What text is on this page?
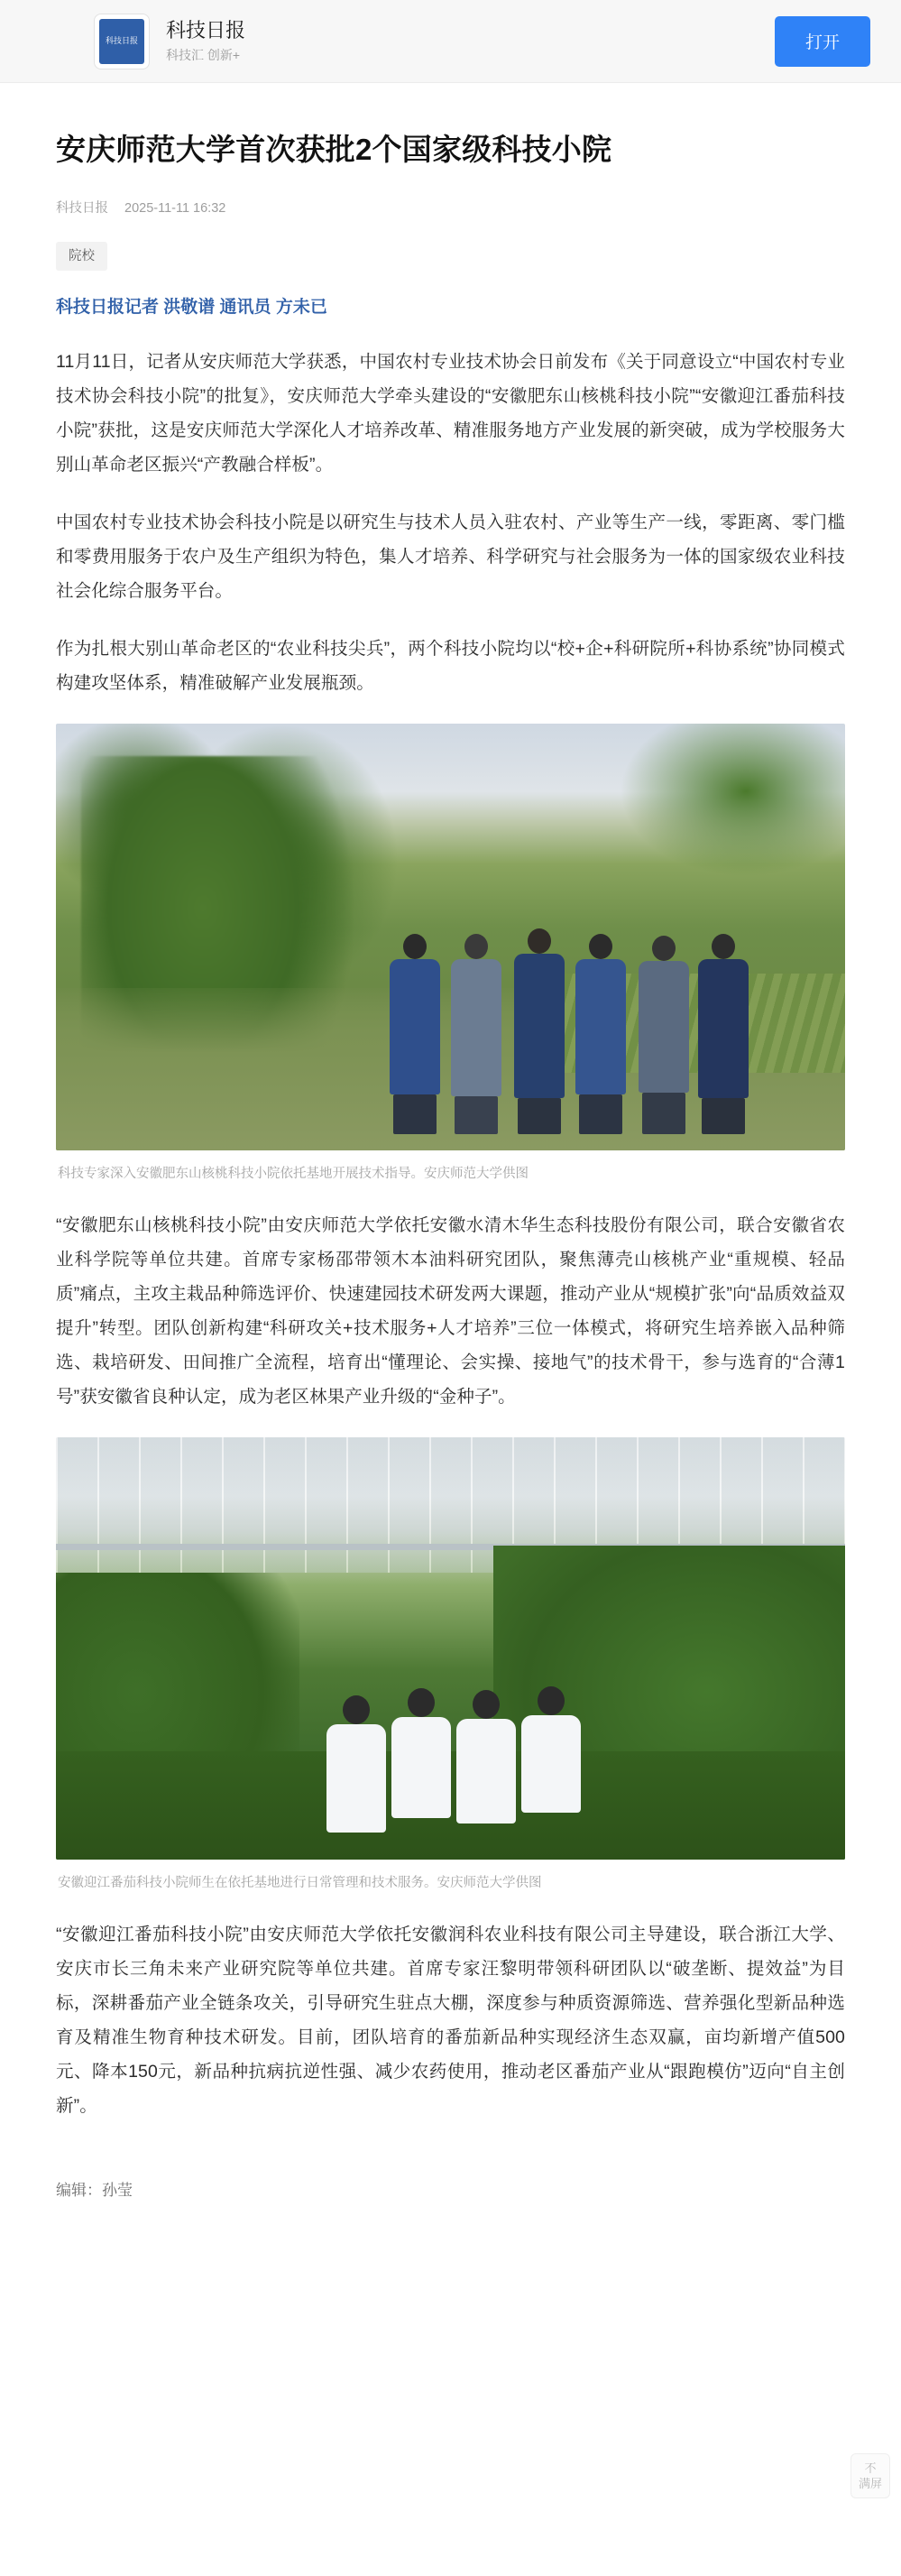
科技日报	科技日报
科技汇 创新+
打开
安庆师范大学首次获批2个国家级科技小院
科技日报 2025-11-11 16:32
院校
科技日报记者 洪敬谱 通讯员 方未已

11月11日，记者从安庆师范大学获悉，中国农村专业技术协会日前发布《关于同意设立“中国农村专业技术协会科技小院”的批复》，安庆师范大学牵头建设的“安徽肥东山核桃科技小院”“安徽迎江番茄科技小院”获批，这是安庆师范大学深化人才培养改革、精准服务地方产业发展的新突破，成为学校服务大别山革命老区振兴“产教融合样板”。

中国农村专业技术协会科技小院是以研究生与技术人员入驻农村、产业等生产一线，零距离、零门槛和零费用服务于农户及生产组织为特色，集人才培养、科学研究与社会服务为一体的国家级农业科技社会化综合服务平台。

作为扎根大别山革命老区的“农业科技尖兵”，两个科技小院均以“校+企+科研院所+科协系统”协同模式构建攻坚体系，精准破解产业发展瓶颈。

科技专家深入安徽肥东山核桃科技小院依托基地开展技术指导。安庆师范大学供图

“安徽肥东山核桃科技小院”由安庆师范大学依托安徽水清木华生态科技股份有限公司，联合安徽省农业科学院等单位共建。首席专家杨邵带领木本油料研究团队，聚焦薄壳山核桃产业“重规模、轻品质”痛点，主攻主栽品种筛选评价、快速建园技术研发两大课题，推动产业从“规模扩张”向“品质效益双提升”转型。团队创新构建“科研攻关+技术服务+人才培养”三位一体模式，将研究生培养嵌入品种筛选、栽培研发、田间推广全流程，培育出“懂理论、会实操、接地气”的技术骨干，参与选育的“合薄1号”获安徽省良种认定，成为老区林果产业升级的“金种子”。

安徽迎江番茄科技小院师生在依托基地进行日常管理和技术服务。安庆师范大学供图

“安徽迎江番茄科技小院”由安庆师范大学依托安徽润科农业科技有限公司主导建设，联合浙江大学、安庆市长三角未来产业研究院等单位共建。首席专家汪黎明带领科研团队以“破垄断、提效益”为目标，深耕番茄产业全链条攻关，引导研究生驻点大棚，深度参与种质资源筛选、营养强化型新品种选育及精准生物育种技术研发。目前，团队培育的番茄新品种实现经济生态双赢，亩均新增产值500元、降本150元，新品种抗病抗逆性强、减少农药使用，推动老区番茄产业从“跟跑模仿”迈向“自主创新”。

编辑：孙莹
不
满屏
